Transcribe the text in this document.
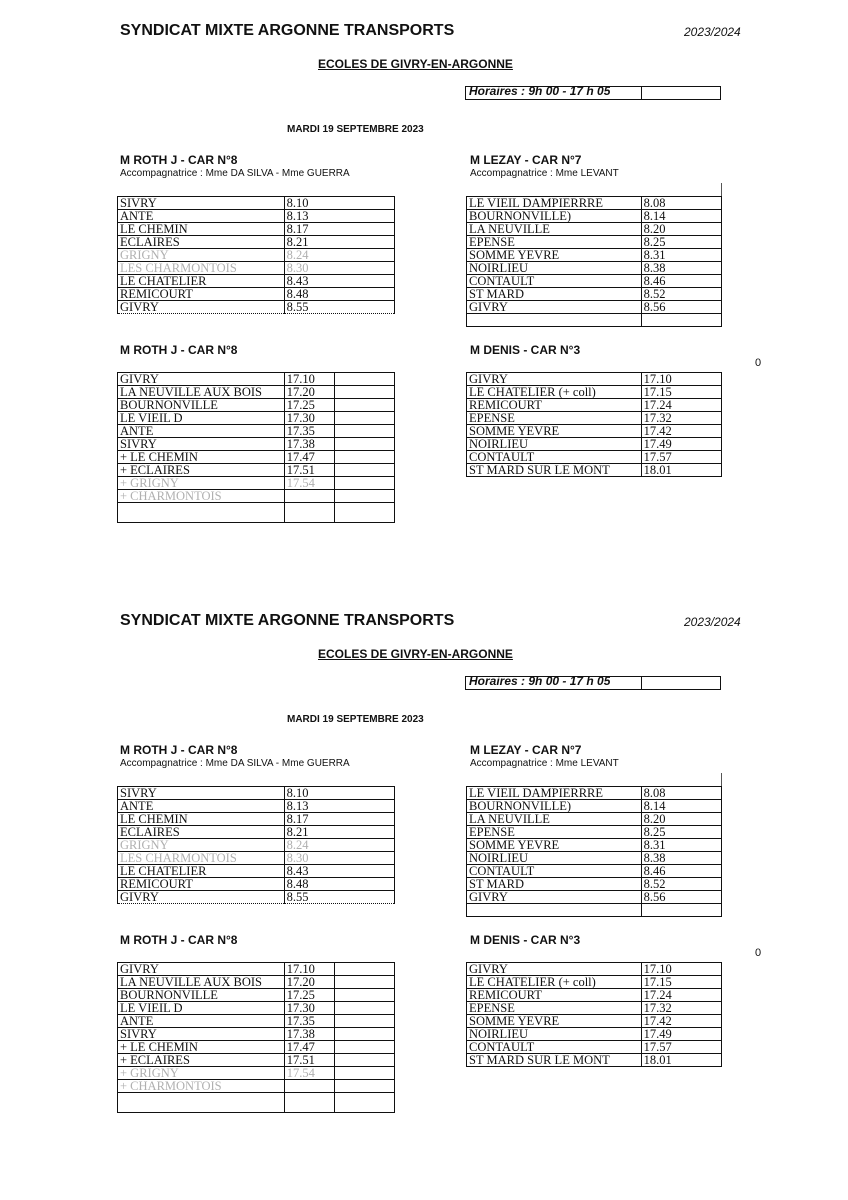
SYNDICAT MIXTE ARGONNE TRANSPORTS	2023/2024
ECOLES DE GIVRY-EN-ARGONNE
Horaires : 9h 00 - 17 h 05
MARDI 19 SEPTEMBRE 2023
M ROTH J - CAR N°8
Accompagnatrice : Mme DA SILVA - Mme GUERRA
M LEZAY - CAR N°7
Accompagnatrice : Mme LEVANT
SIVRY	8.10
ANTE	8.13
LE CHEMIN	8.17
ECLAIRES	8.21
GRIGNY	8.24
LES CHARMONTOIS	8.30
LE CHATELIER	8.43
REMICOURT	8.48
GIVRY	8.55
LE VIEIL DAMPIERRRE	8.08
BOURNONVILLE)	8.14
LA NEUVILLE	8.20
EPENSE	8.25
SOMME YEVRE	8.31
NOIRLIEU	8.38
CONTAULT	8.46
ST MARD	8.52
GIVRY	8.56

M ROTH J - CAR N°8	M DENIS - CAR N°3
0
GIVRY	17.10	
LA NEUVILLE AUX BOIS	17.20	
BOURNONVILLE	17.25	
LE VIEIL D	17.30	
ANTE	17.35	
SIVRY	17.38	
+ LE CHEMIN	17.47	
+ ECLAIRES	17.51	
+ GRIGNY	17.54	
+ CHARMONTOIS		

GIVRY	17.10
LE CHATELIER (+ coll)	17.15
REMICOURT	17.24
EPENSE	17.32
SOMME YEVRE	17.42
NOIRLIEU	17.49
CONTAULT	17.57
ST MARD SUR LE MONT	18.01
SYNDICAT MIXTE ARGONNE TRANSPORTS	2023/2024
ECOLES DE GIVRY-EN-ARGONNE
Horaires : 9h 00 - 17 h 05
MARDI 19 SEPTEMBRE 2023
M ROTH J - CAR N°8
Accompagnatrice : Mme DA SILVA - Mme GUERRA
M LEZAY - CAR N°7
Accompagnatrice : Mme LEVANT
SIVRY	8.10
ANTE	8.13
LE CHEMIN	8.17
ECLAIRES	8.21
GRIGNY	8.24
LES CHARMONTOIS	8.30
LE CHATELIER	8.43
REMICOURT	8.48
GIVRY	8.55
LE VIEIL DAMPIERRRE	8.08
BOURNONVILLE)	8.14
LA NEUVILLE	8.20
EPENSE	8.25
SOMME YEVRE	8.31
NOIRLIEU	8.38
CONTAULT	8.46
ST MARD	8.52
GIVRY	8.56

M ROTH J - CAR N°8	M DENIS - CAR N°3
0
GIVRY	17.10	
LA NEUVILLE AUX BOIS	17.20	
BOURNONVILLE	17.25	
LE VIEIL D	17.30	
ANTE	17.35	
SIVRY	17.38	
+ LE CHEMIN	17.47	
+ ECLAIRES	17.51	
+ GRIGNY	17.54	
+ CHARMONTOIS		

GIVRY	17.10
LE CHATELIER (+ coll)	17.15
REMICOURT	17.24
EPENSE	17.32
SOMME YEVRE	17.42
NOIRLIEU	17.49
CONTAULT	17.57
ST MARD SUR LE MONT	18.01
